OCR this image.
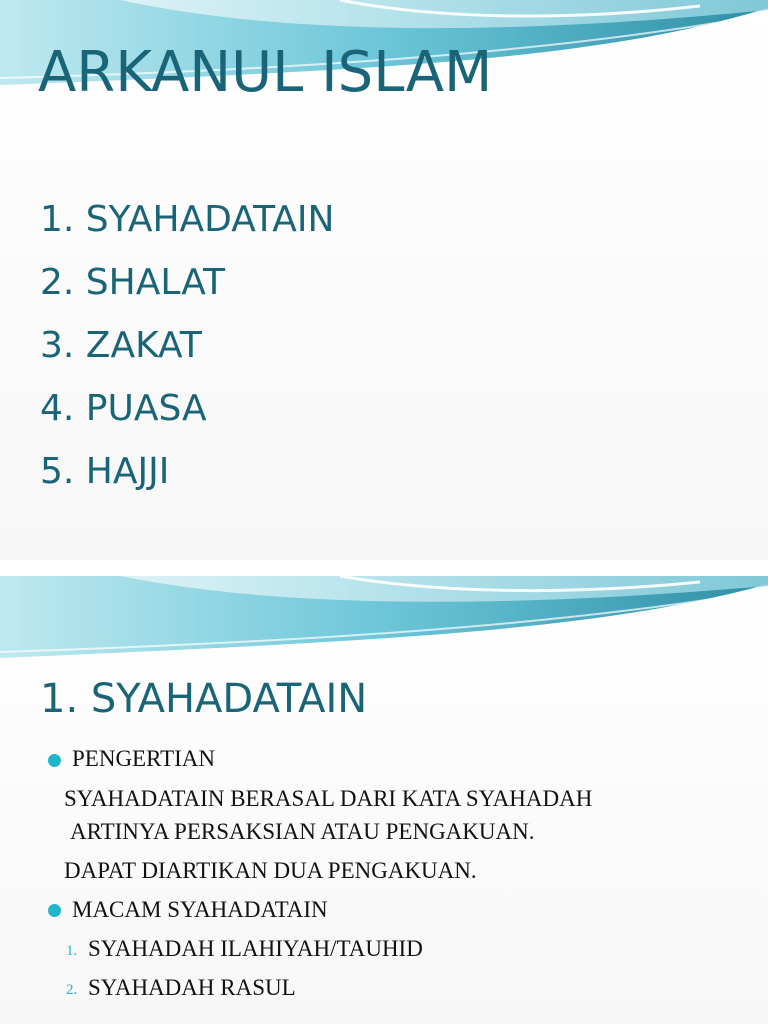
ARKANUL ISLAM
1. SYAHADATAIN
2. SHALAT
3. ZAKAT
4. PUASA
5. HAJJI
1. SYAHADATAIN
PENGERTIAN
SYAHADATAIN BERASAL DARI KATA SYAHADAH
ARTINYA PERSAKSIAN ATAU PENGAKUAN.
DAPAT DIARTIKAN DUA PENGAKUAN.
MACAM SYAHADATAIN
1. SYAHADAH ILAHIYAH/TAUHID
2. SYAHADAH RASUL
